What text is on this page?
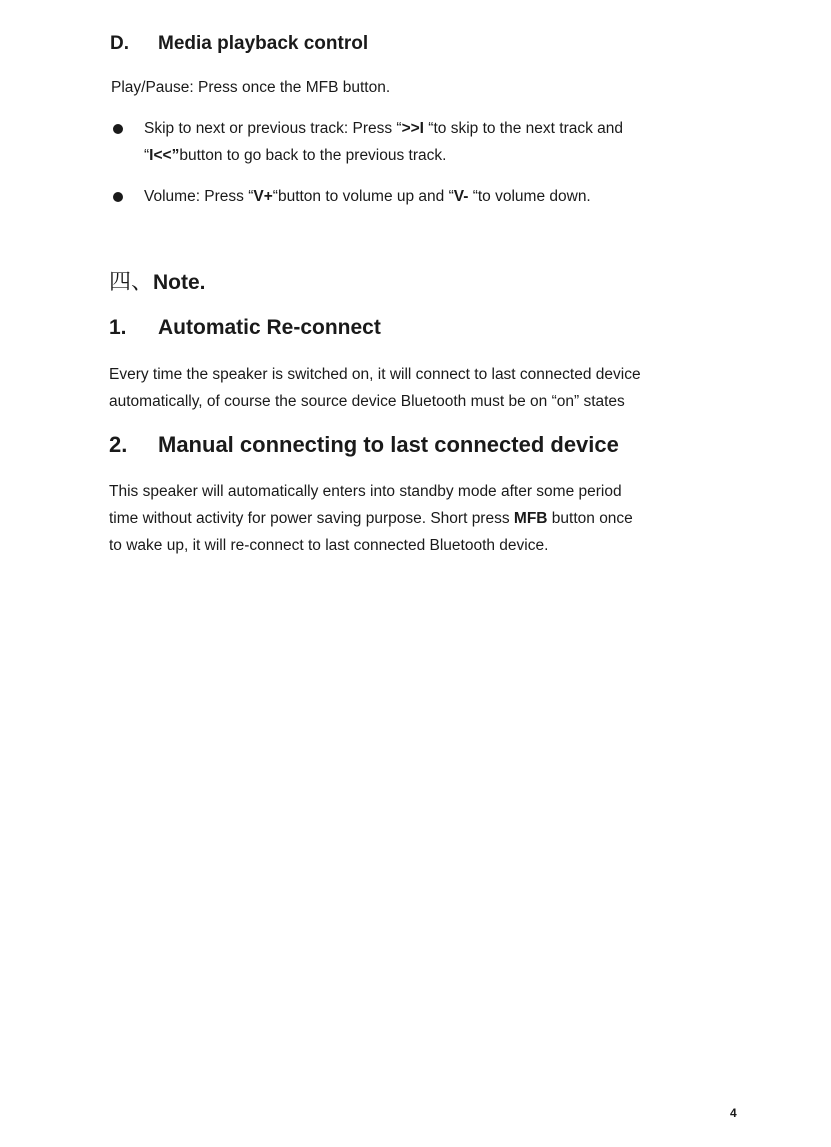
D. Media playback control
Play/Pause: Press once the MFB button.
Skip to next or previous track: Press “>>I “to skip to the next track and
“I<<”button to go back to the previous track.
Volume: Press “V+“button to volume up and “V- “to volume down.
四、Note.
1. Automatic Re-connect
Every time the speaker is switched on, it will connect to last connected device
automatically, of course the source device Bluetooth must be on “on” states
2. Manual connecting to last connected device
This speaker will automatically enters into standby mode after some period
time without activity for power saving purpose. Short press MFB button once
to wake up, it will re-connect to last connected Bluetooth device.
4
